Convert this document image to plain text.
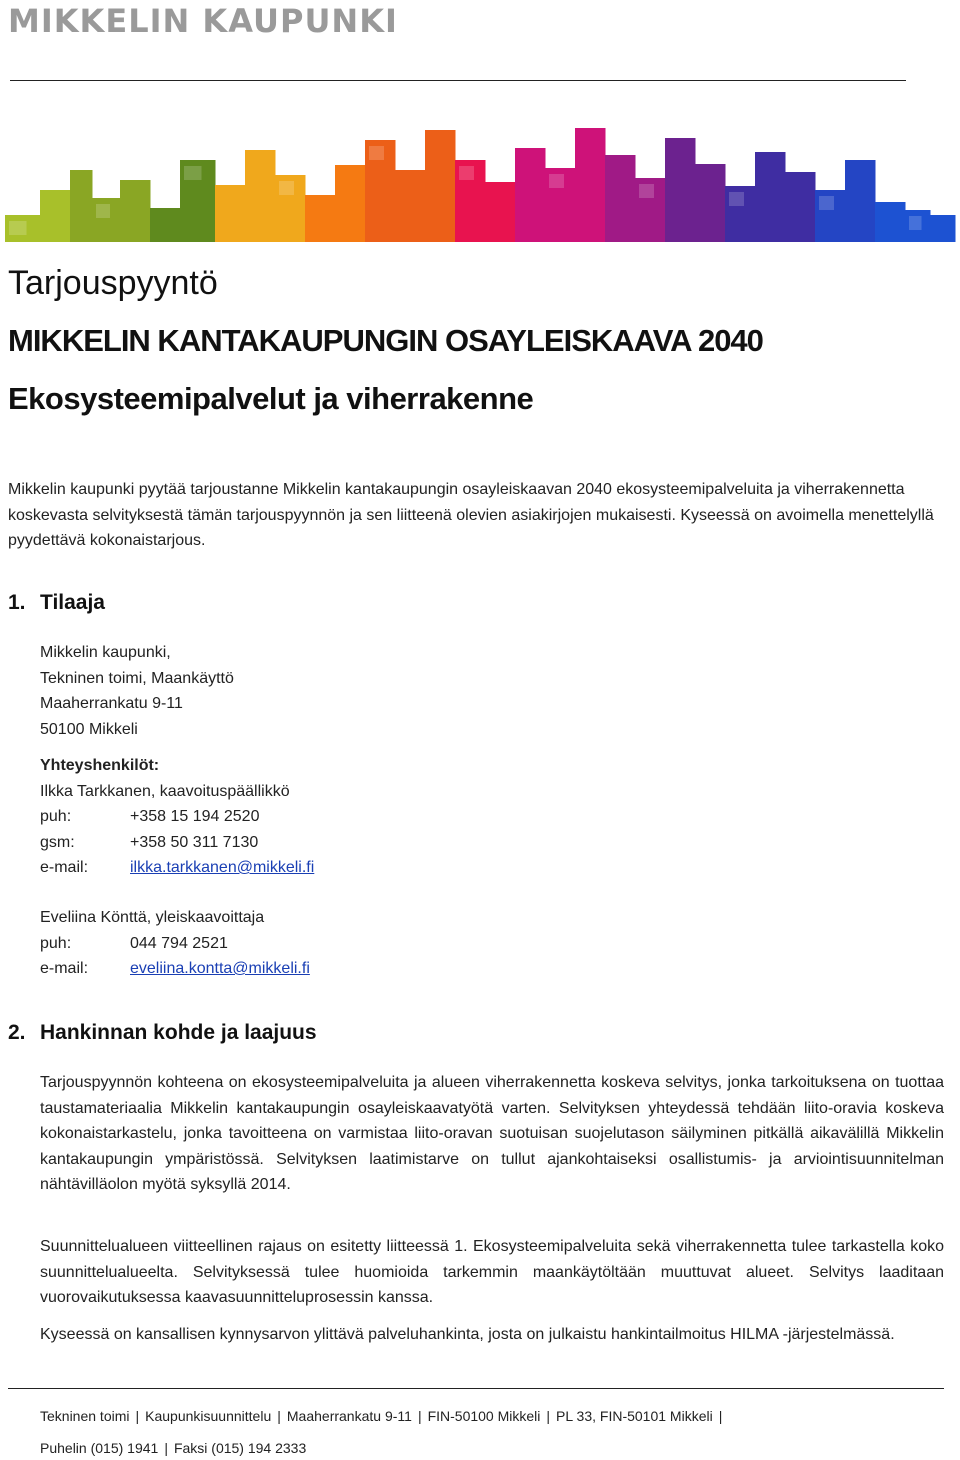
MIKKELIN KAUPUNKI
Tarjouspyyntö
MIKKELIN KANTAKAUPUNGIN OSAYLEISKAAVA 2040
Ekosysteemipalvelut ja viherrakenne
Mikkelin kaupunki pyytää tarjoustanne Mikkelin kantakaupungin osayleiskaavan 2040 ekosysteemipalveluita ja viherrakennetta koskevasta selvityksestä tämän tarjouspyynnön ja sen liitteenä olevien asiakirjojen mukaisesti. Kyseessä on avoimella menettelyllä pyydettävä kokonaistarjous.
1. Tilaaja
Mikkelin kaupunki,
Tekninen toimi, Maankäyttö
Maaherrankatu 9-11
50100 Mikkeli
Yhteyshenkilöt:
Ilkka Tarkkanen, kaavoituspäällikkö
puh:	+358 15 194 2520
gsm:	+358 50 311 7130
e-mail:	ilkka.tarkkanen@mikkeli.fi
Eveliina Könttä, yleiskaavoittaja
puh:	044 794 2521
e-mail:	eveliina.kontta@mikkeli.fi
2. Hankinnan kohde ja laajuus
Tarjouspyynnön kohteena on ekosysteemipalveluita ja alueen viherrakennetta koskeva selvitys, jonka tarkoituksena on tuottaa taustamateriaalia Mikkelin kantakaupungin osayleiskaavatyötä varten. Selvityksen yhteydessä tehdään liito-oravia koskeva kokonaistarkastelu, jonka tavoitteena on varmistaa liito-oravan suotuisan suojelutason säilyminen pitkällä aikavälillä Mikkelin kantakaupungin ympäristössä. Selvityksen laatimistarve on tullut ajankohtaiseksi osallistumis- ja arviointisuunnitelman nähtävilläolon myötä syksyllä 2014.
Suunnittelualueen viitteellinen rajaus on esitetty liitteessä 1. Ekosysteemipalveluita sekä viherrakennetta tulee tarkastella koko suunnittelualueelta. Selvityksessä tulee huomioida tarkemmin maankäytöltään muuttuvat alueet. Selvitys laaditaan vuorovaikutuksessa kaavasuunnitteluprosessin kanssa.
Kyseessä on kansallisen kynnysarvon ylittävä palveluhankinta, josta on julkaistu hankintailmoitus HILMA -järjestelmässä.
Tekninen toimi | Kaupunkisuunnittelu | Maaherrankatu 9-11 | FIN-50100 Mikkeli | PL 33, FIN-50101 Mikkeli |
Puhelin (015) 1941 | Faksi (015) 194 2333
